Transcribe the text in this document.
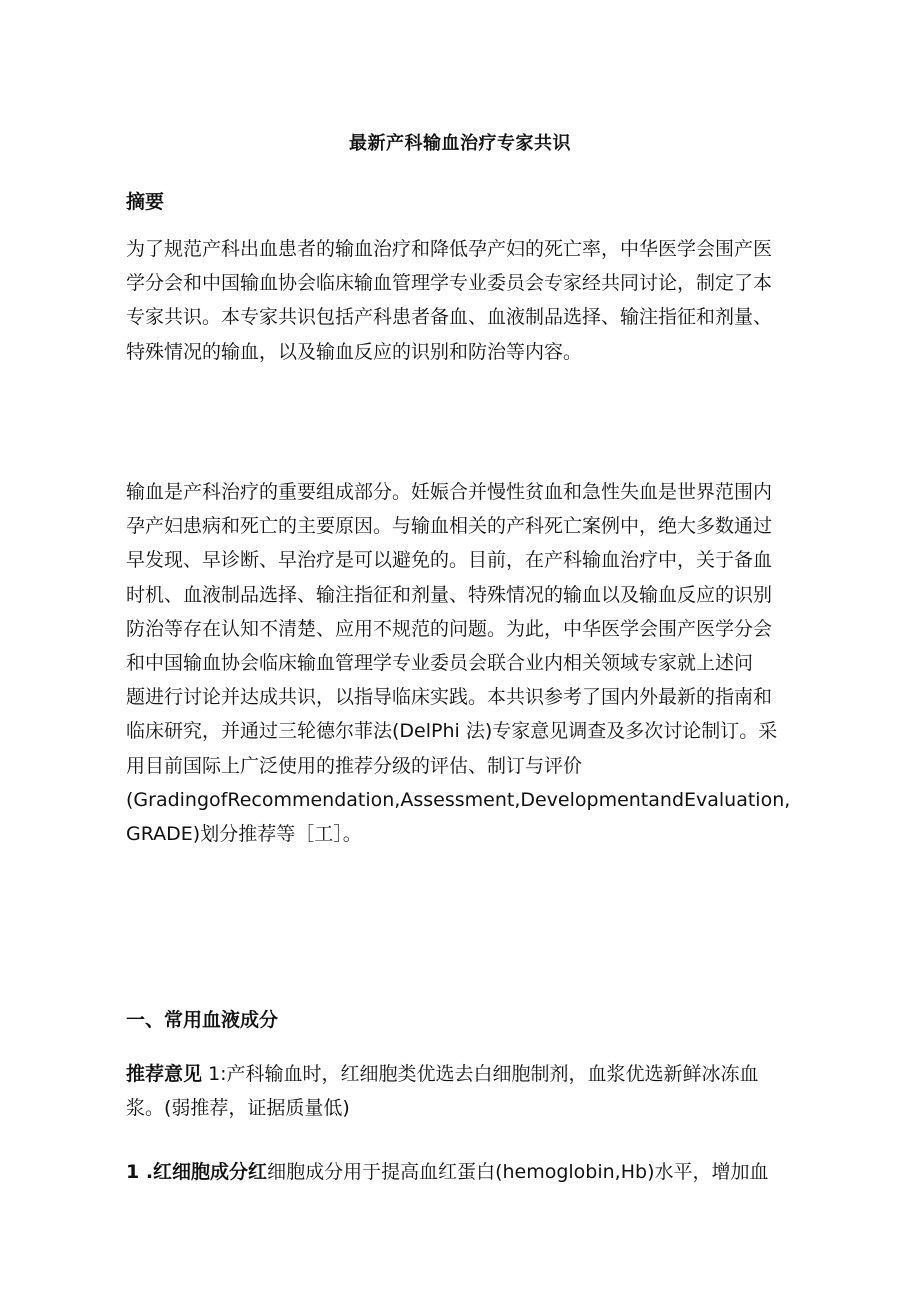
最新产科输血治疗专家共识
摘要

为了规范产科出血患者的输血治疗和降低孕产妇的死亡率，中华医学会围产医
学分会和中国输血协会临床输血管理学专业委员会专家经共同讨论，制定了本
专家共识。本专家共识包括产科患者备血、血液制品选择、输注指征和剂量、
特殊情况的输血，以及输血反应的识别和防治等内容。

输血是产科治疗的重要组成部分。妊娠合并慢性贫血和急性失血是世界范围内
孕产妇患病和死亡的主要原因。与输血相关的产科死亡案例中，绝大多数通过
早发现、早诊断、早治疗是可以避免的。目前，在产科输血治疗中，关于备血
时机、血液制品选择、输注指征和剂量、特殊情况的输血以及输血反应的识别
防治等存在认知不清楚、应用不规范的问题。为此，中华医学会围产医学分会
和中国输血协会临床输血管理学专业委员会联合业内相关领域专家就上述问
题进行讨论并达成共识，以指导临床实践。本共识参考了国内外最新的指南和
临床研究，并通过三轮德尔菲法(DelPhi 法)专家意见调查及多次讨论制订。采
用目前国际上广泛使用的推荐分级的评估、制订与评价
(GradingofRecommendation,Assessment,DevelopmentandEvaluation,
GRADE)划分推荐等［工］。

一、常用血液成分

推荐意见 1:产科输血时，红细胞类优选去白细胞制剂，血浆优选新鲜冰冻血
浆。(弱推荐，证据质量低)

1 .红细胞成分红细胞成分用于提高血红蛋白(hemoglobin,Hb)水平，增加血
